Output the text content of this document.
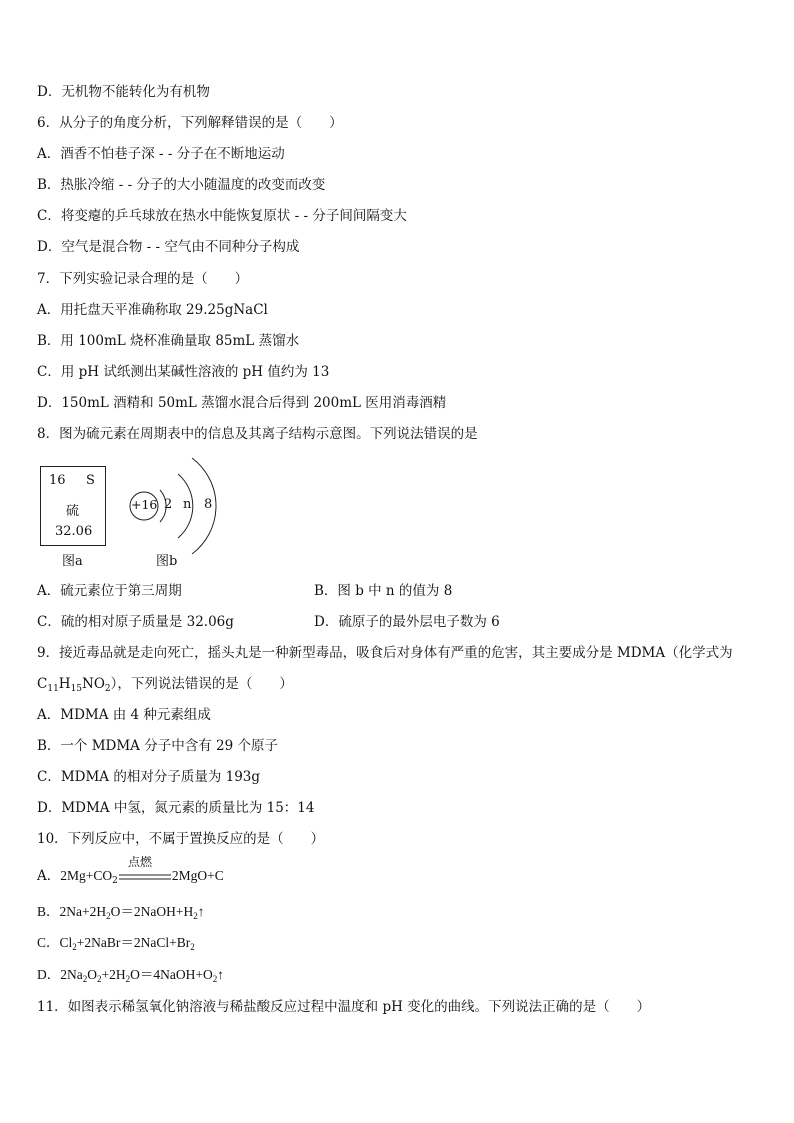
D．无机物不能转化为有机物
6．从分子的角度分析，下列解释错误的是（　　）
A．酒香不怕巷子深 - - 分子在不断地运动
B．热胀冷缩 - - 分子的大小随温度的改变而改变
C．将变瘪的乒乓球放在热水中能恢复原状 - - 分子间间隔变大
D．空气是混合物 - - 空气由不同种分子构成
7．下列实验记录合理的是（　　）
A．用托盘天平准确称取 29.25gNaCl
B．用 100mL 烧杯准确量取 85mL 蒸馏水
C．用 pH 试纸测出某碱性溶液的 pH 值约为 13
D．150mL 酒精和 50mL 蒸馏水混合后得到 200mL 医用消毒酒精
8．图为硫元素在周期表中的信息及其离子结构示意图。下列说法错误的是
16 S
硫
32.06
图a
+16 2 n 8
图b
A．硫元素位于第三周期	B．图 b 中 n 的值为 8
C．硫的相对原子质量是 32.06g	D．硫原子的最外层电子数为 6
9．接近毒品就是走向死亡，摇头丸是一种新型毒品，吸食后对身体有严重的危害，其主要成分是 MDMA（化学式为
$C_{11}H_{15}NO_2$），下列说法错误的是（　　）
A．MDMA 由 4 种元素组成
B．一个 MDMA 分子中含有 29 个原子
C．MDMA 的相对分子质量为 193g
D．MDMA 中氢，氮元素的质量比为 15：14
10．下列反应中，不属于置换反应的是（　　）
A．$2Mg+CO_2$	2MgO+C
点燃
B．$2Na+2H_2O=2NaOH+H_2↑$
C．$Cl_2+2NaBr=2NaCl+Br_2$
D．$2Na_2O_2+2H_2O=4NaOH+O_2↑$
11．如图表示稀氢氧化钠溶液与稀盐酸反应过程中温度和 pH 变化的曲线。下列说法正确的是（　　）
